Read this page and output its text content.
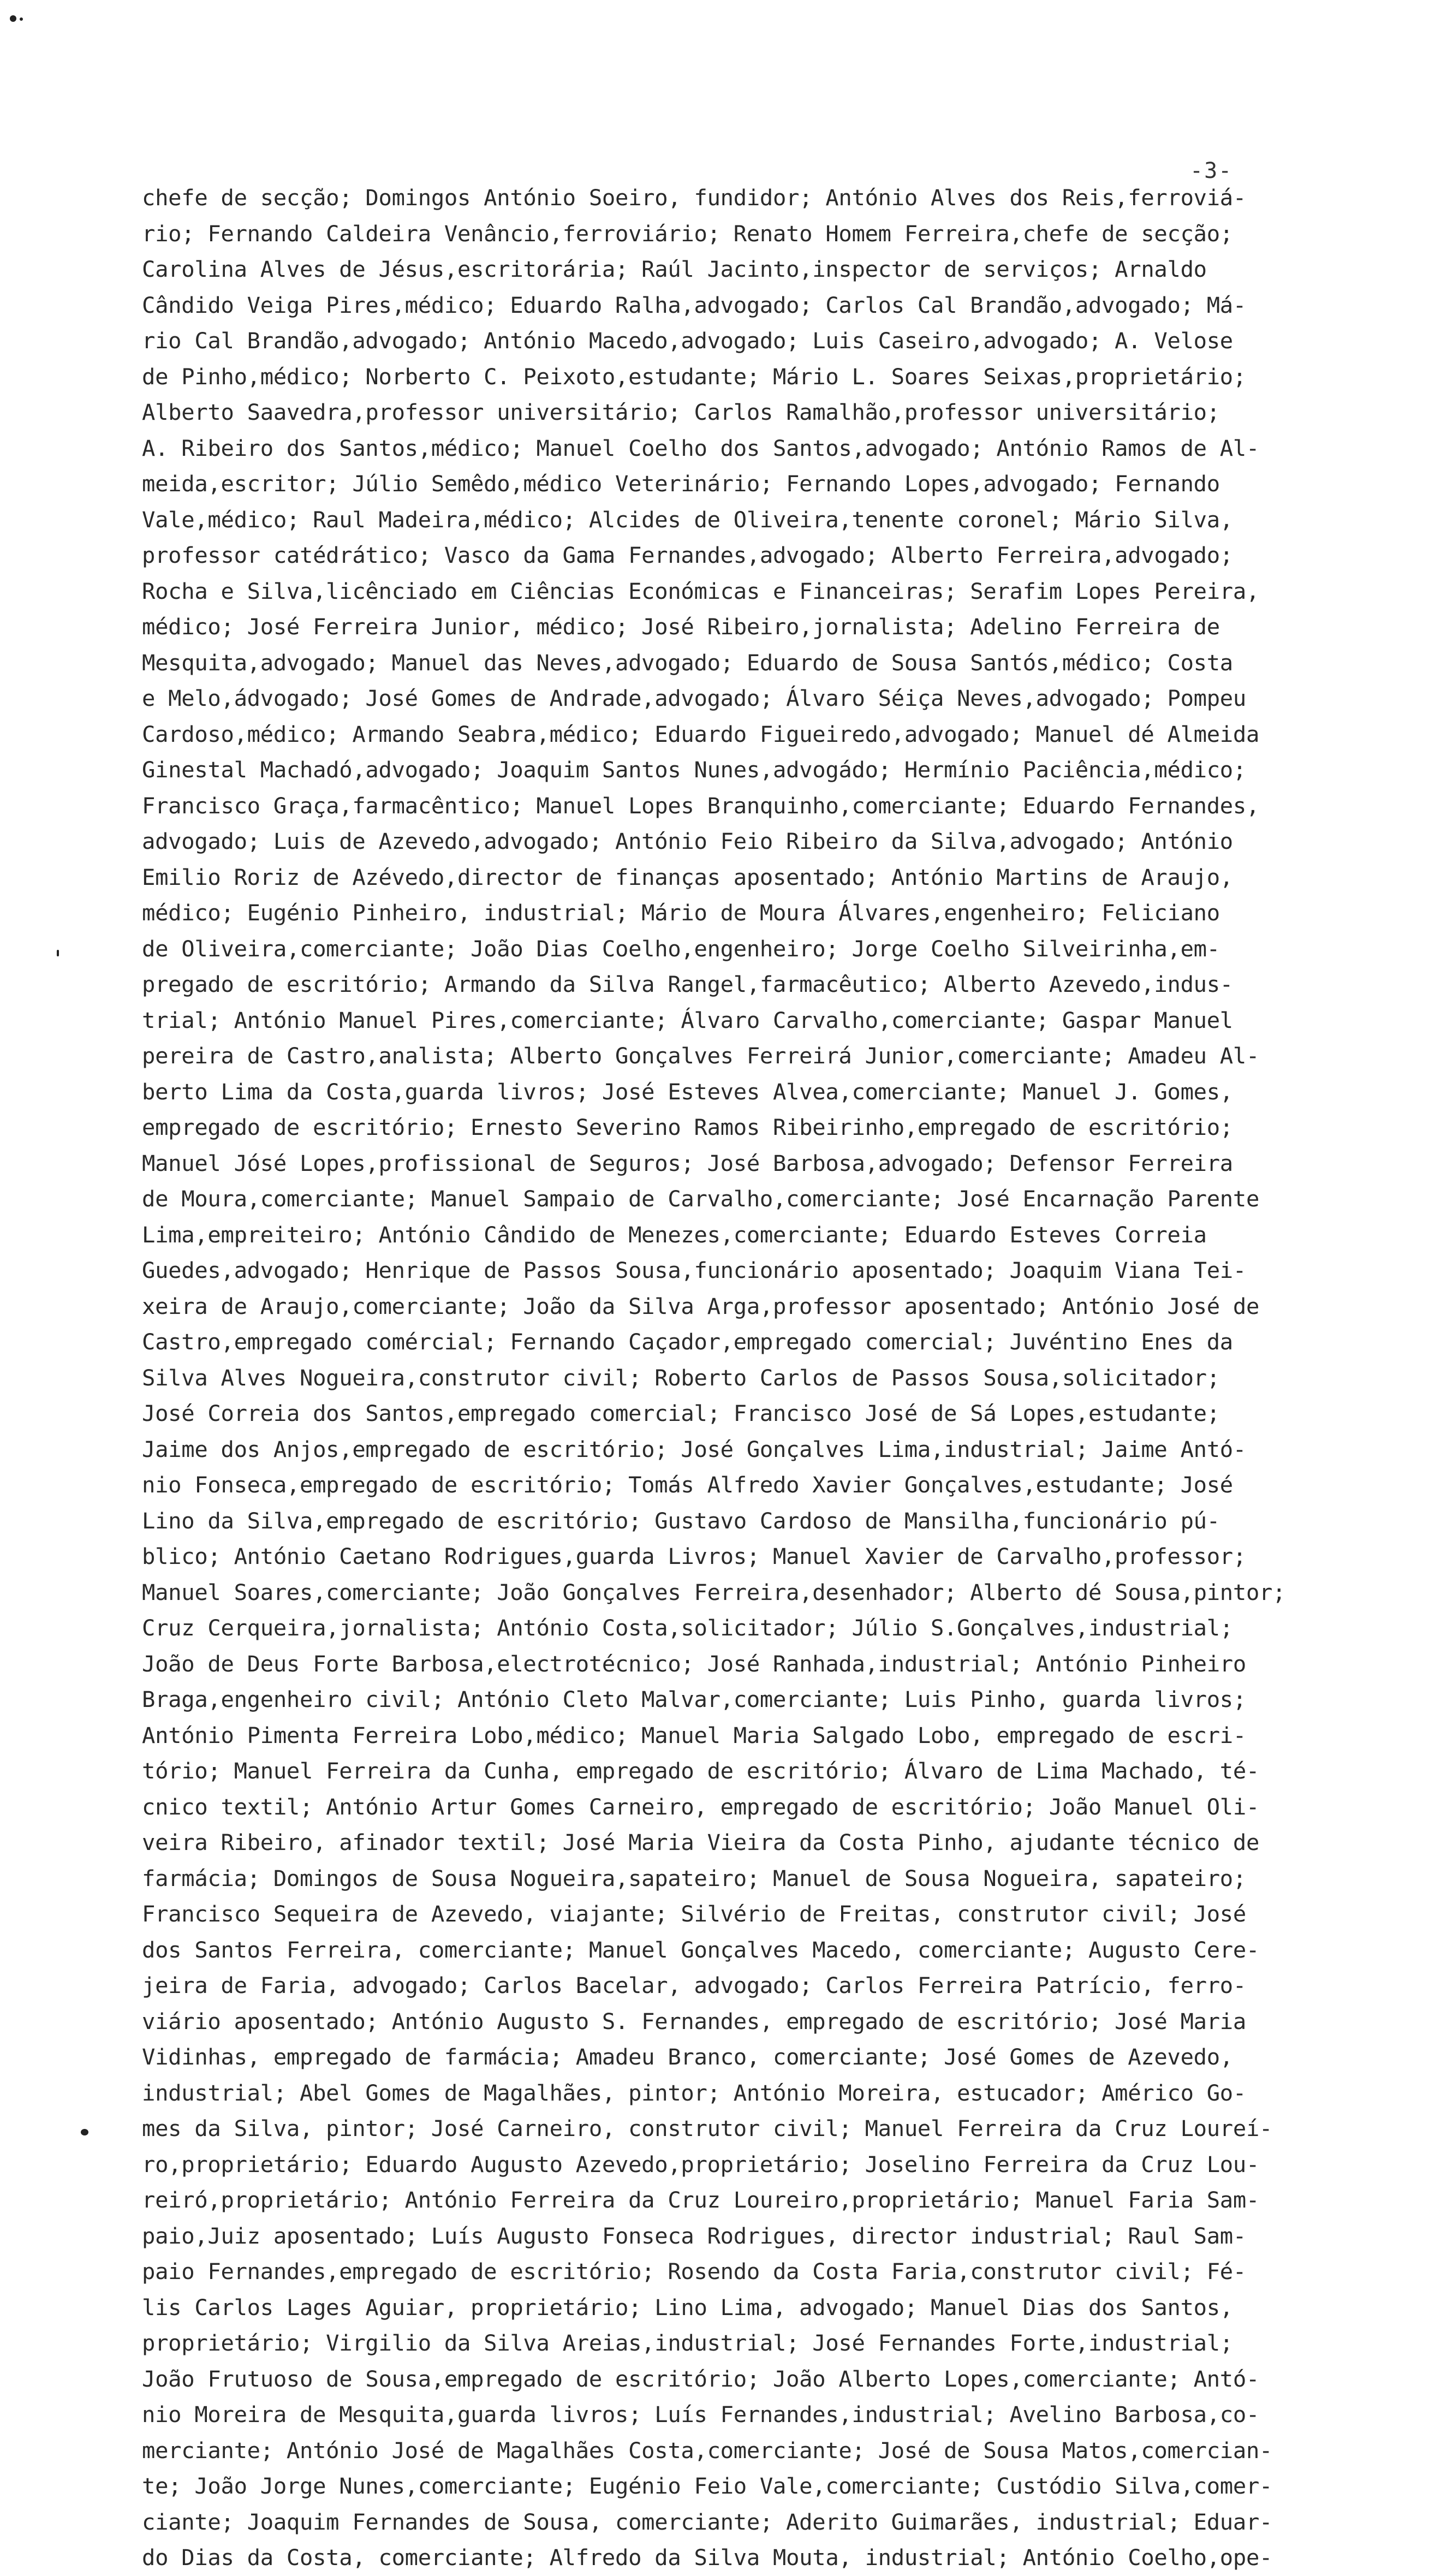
-3-
chefe de secção; Domingos António Soeiro, fundidor; António Alves dos Reis,ferroviá-
rio; Fernando Caldeira Venâncio,ferroviário; Renato Homem Ferreira,chefe de secção;
Carolina Alves de Jésus,escritorária; Raúl Jacinto,inspector de serviços; Arnaldo
Cândido Veiga Pires,médico; Eduardo Ralha,advogado; Carlos Cal Brandão,advogado; Má-
rio Cal Brandão,advogado; António Macedo,advogado; Luis Caseiro,advogado; A. Velose
de Pinho,médico; Norberto C. Peixoto,estudante; Mário L. Soares Seixas,proprietário;
Alberto Saavedra,professor universitário; Carlos Ramalhão,professor universitário;
A. Ribeiro dos Santos,médico; Manuel Coelho dos Santos,advogado; António Ramos de Al-
meida,escritor; Júlio Semêdo,médico Veterinário; Fernando Lopes,advogado; Fernando
Vale,médico; Raul Madeira,médico; Alcides de Oliveira,tenente coronel; Mário Silva,
professor catédrático; Vasco da Gama Fernandes,advogado; Alberto Ferreira,advogado;
Rocha e Silva,licênciado em Ciências Económicas e Financeiras; Serafim Lopes Pereira,
médico; José Ferreira Junior, médico; José Ribeiro,jornalista; Adelino Ferreira de
Mesquita,advogado; Manuel das Neves,advogado; Eduardo de Sousa Santós,médico; Costa
e Melo,ádvogado; José Gomes de Andrade,advogado; Álvaro Séiça Neves,advogado; Pompeu
Cardoso,médico; Armando Seabra,médico; Eduardo Figueiredo,advogado; Manuel dé Almeida
Ginestal Machadó,advogado; Joaquim Santos Nunes,advogádo; Hermínio Paciência,médico;
Francisco Graça,farmacêntico; Manuel Lopes Branquinho,comerciante; Eduardo Fernandes,
advogado; Luis de Azevedo,advogado; António Feio Ribeiro da Silva,advogado; António
Emilio Roriz de Azévedo,director de finanças aposentado; António Martins de Araujo,
médico; Eugénio Pinheiro, industrial; Mário de Moura Álvares,engenheiro; Feliciano
de Oliveira,comerciante; João Dias Coelho,engenheiro; Jorge Coelho Silveirinha,em-
pregado de escritório; Armando da Silva Rangel,farmacêutico; Alberto Azevedo,indus-
trial; António Manuel Pires,comerciante; Álvaro Carvalho,comerciante; Gaspar Manuel
pereira de Castro,analista; Alberto Gonçalves Ferreirá Junior,comerciante; Amadeu Al-
berto Lima da Costa,guarda livros; José Esteves Alvea,comerciante; Manuel J. Gomes,
empregado de escritório; Ernesto Severino Ramos Ribeirinho,empregado de escritório;
Manuel Jósé Lopes,profissional de Seguros; José Barbosa,advogado; Defensor Ferreira
de Moura,comerciante; Manuel Sampaio de Carvalho,comerciante; José Encarnação Parente
Lima,empreiteiro; António Cândido de Menezes,comerciante; Eduardo Esteves Correia
Guedes,advogado; Henrique de Passos Sousa,funcionário aposentado; Joaquim Viana Tei-
xeira de Araujo,comerciante; João da Silva Arga,professor aposentado; António José de
Castro,empregado comércial; Fernando Caçador,empregado comercial; Juvéntino Enes da
Silva Alves Nogueira,construtor civil; Roberto Carlos de Passos Sousa,solicitador;
José Correia dos Santos,empregado comercial; Francisco José de Sá Lopes,estudante;
Jaime dos Anjos,empregado de escritório; José Gonçalves Lima,industrial; Jaime Antó-
nio Fonseca,empregado de escritório; Tomás Alfredo Xavier Gonçalves,estudante; José
Lino da Silva,empregado de escritório; Gustavo Cardoso de Mansilha,funcionário pú-
blico; António Caetano Rodrigues,guarda Livros; Manuel Xavier de Carvalho,professor;
Manuel Soares,comerciante; João Gonçalves Ferreira,desenhador; Alberto dé Sousa,pintor;
Cruz Cerqueira,jornalista; António Costa,solicitador; Júlio S.Gonçalves,industrial;
João de Deus Forte Barbosa,electrotécnico; José Ranhada,industrial; António Pinheiro
Braga,engenheiro civil; António Cleto Malvar,comerciante; Luis Pinho, guarda livros;
António Pimenta Ferreira Lobo,médico; Manuel Maria Salgado Lobo, empregado de escri-
tório; Manuel Ferreira da Cunha, empregado de escritório; Álvaro de Lima Machado, té-
cnico textil; António Artur Gomes Carneiro, empregado de escritório; João Manuel Oli-
veira Ribeiro, afinador textil; José Maria Vieira da Costa Pinho, ajudante técnico de
farmácia; Domingos de Sousa Nogueira,sapateiro; Manuel de Sousa Nogueira, sapateiro;
Francisco Sequeira de Azevedo, viajante; Silvério de Freitas, construtor civil; José
dos Santos Ferreira, comerciante; Manuel Gonçalves Macedo, comerciante; Augusto Cere-
jeira de Faria, advogado; Carlos Bacelar, advogado; Carlos Ferreira Patrício, ferro-
viário aposentado; António Augusto S. Fernandes, empregado de escritório; José Maria
Vidinhas, empregado de farmácia; Amadeu Branco, comerciante; José Gomes de Azevedo,
industrial; Abel Gomes de Magalhães, pintor; António Moreira, estucador; Américo Go-
mes da Silva, pintor; José Carneiro, construtor civil; Manuel Ferreira da Cruz Loureí-
ro,proprietário; Eduardo Augusto Azevedo,proprietário; Joselino Ferreira da Cruz Lou-
reiró,proprietário; António Ferreira da Cruz Loureiro,proprietário; Manuel Faria Sam-
paio,Juiz aposentado; Luís Augusto Fonseca Rodrigues, director industrial; Raul Sam-
paio Fernandes,empregado de escritório; Rosendo da Costa Faria,construtor civil; Fé-
lis Carlos Lages Aguiar, proprietário; Lino Lima, advogado; Manuel Dias dos Santos,
proprietário; Virgilio da Silva Areias,industrial; José Fernandes Forte,industrial;
João Frutuoso de Sousa,empregado de escritório; João Alberto Lopes,comerciante; Antó-
nio Moreira de Mesquita,guarda livros; Luís Fernandes,industrial; Avelino Barbosa,co-
merciante; António José de Magalhães Costa,comerciante; José de Sousa Matos,comercian-
te; João Jorge Nunes,comerciante; Eugénio Feio Vale,comerciante; Custódio Silva,comer-
ciante; Joaquim Fernandes de Sousa, comerciante; Aderito Guimarães, industrial; Eduar-
do Dias da Costa, comerciante; Alfredo da Silva Mouta, industrial; António Coelho,ope-
